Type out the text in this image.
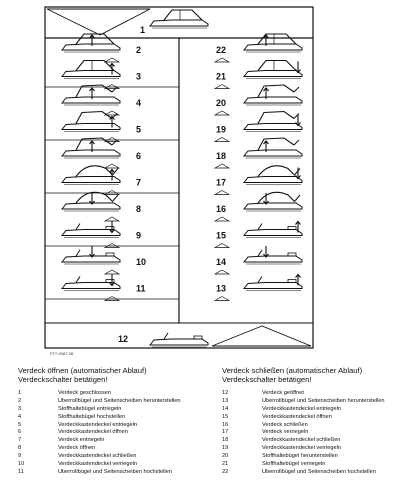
1
2
3
4
5
6
7
8
9
10
11
12
22
21
20
19
18
17
16
15
14
13
P77-0087-38
Verdeck öffnen (automatischer Ablauf)
Verdeckschalter betätigen!
1	Verdeck geschlossen
2	Überrollbügel und Seitenscheiben herunterstellen
3	Stoffhaltebügel entriegeln
4	Stoffhaltebügel hochstellen
5	Verdeckkastendeckel entriegeln
6	Verdeckkastendeckel öffnen
7	Verdeck entriegeln
8	Verdeck öffnen
9	Verdeckkastendeckel schließen
10	Verdeckkastendeckel verriegeln
11	Überrollbügel und Seitenscheiben hochstellen
Verdeck schließen (automatischer Ablauf)
Verdeckschalter betätigen!
12	Verdeck geöffnet
13	Überrollbügel und Seitenscheiben herunterstellen
14	Verdeckkastendeckel entriegeln
15	Verdeckkastendeckel öffnen
16	Verdeck schließen
17	Verdeck verriegeln
18	Verdeckkastendeckel schließen
19	Verdeckkastendeckel verriegeln
20	Stoffhaltebügel herunterstellen
21	Stoffhaltebügel verriegeln
22	Überrollbügel und Seitenscheiben hochstellen
